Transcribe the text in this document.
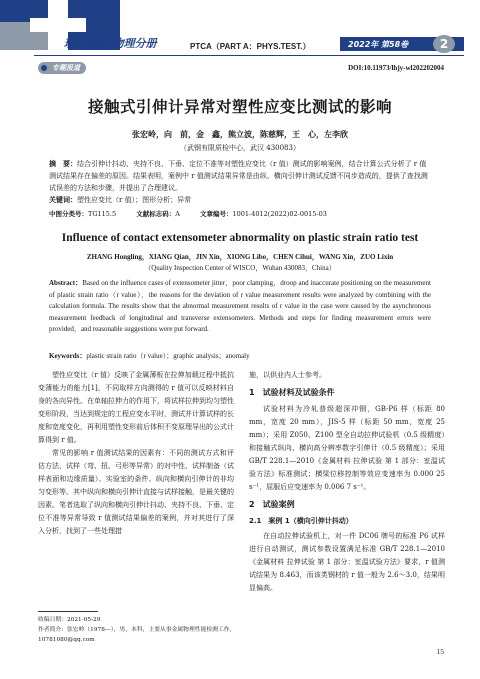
理化检验-物理分册	PTCA（PART A：PHYS.TEST.）	2022年 第58卷	2
专题报道	DOI:10.11973/lhjy-wl202202004
接触式引伸计异常对塑性应变比测试的影响
张宏岭，向　前，金　鑫，熊立波，陈慈辉，王　心，左李欣
（武钢有限质检中心，武汉 430083）
摘　要：结合引伸计抖动、夹持不良、下垂、定位不准等对塑性应变比（r 值）测试的影响案例，结合计算公式分析了 r 值测试结果存在偏差的原因。结果表明，案例中 r 值测试结果异常是由纵、横向引伸计测试反馈不同步造成的，提供了查找测试误差的方法和步骤，并提出了合理建议。
关键词：塑性应变比（r 值）；图形分析；异常
中图分类号：TG115.5	文献标志码：A	文章编号：1001-4012(2022)02-0015-03
Influence of contact extensometer abnormality on plastic strain ratio test
ZHANG Hongling，XIANG Qian，JIN Xin，XIONG Libo，CHEN Cihui，WANG Xin，ZUO Lixin
（Quality Inspection Center of WISCO，Wuhan 430083，China）
Abstract：Based on the influence cases of extensometer jitter，poor clamping，droop and inaccurate positioning on the measurement of plastic strain ratio（r value），the reasons for the deviation of r value measurement results were analyzed by combining with the calculation formula. The results show that the abnormal measurement results of r value in the case were caused by the asynchronous measurement feedback of longitudinal and transverse extensometers. Methods and steps for finding measurement errors were provided，and reasonable suggestions were put forward.
Keywords：plastic strain ratio（r value）；graphic analysis；anomaly

塑性应变比（r 值）反映了金属薄板在拉伸加载过程中抵抗变薄能力的能力[1]，不同取样方向测得的 r 值可以反映材料自身的各向异性。在单轴拉伸力的作用下，将试样拉伸到均匀塑性变形阶段，当达到规定的工程应变水平时，测试并计算试样的长度和宽度变化，再利用塑性变形前后体积不变原理导出的公式计算得到 r 值。

常见的影响 r 值测试结果的因素有：不同的测试方式和评估方法、试样（弯、扭、弓形等异常）的对中性、试样制备（试样表面和边缘质量）、实验室的条件、纵向和横向引伸计的非均匀变形等。其中纵向和横向引伸计直接与试样接触，是最关键的因素。笔者选取了纵向和横向引伸计抖动、夹持不良、下垂、定位不准等异常导致 r 值测试结果偏差的案例，并对其进行了深入分析，找到了一些处理措

施，以供业内人士参考。

1　试验材料及试验条件

试验材料为冷轧普级超深冲钢，GB-P6 样（标距 80 mm，宽度 20 mm），JIS-5 样（标距 50 mm，宽度 25 mm）；采用 Z050、Z100 型全自动拉伸试验机（0.5 级精度）和接触式纵向、横向高分辨率数字引伸计（0.5 级精度）；采用 GB/T 228.1—2010《金属材料 拉伸试验 第 1 部分：室温试验方法》标准测试；横梁位移控制等效应变速率为 0.000 25 s⁻¹，屈服后应变速率为 0.006 7 s⁻¹。

2　试验案例
2.1　案例 1（横向引伸计抖动）

在自动拉伸试验机上，对一件 DC06 牌号的标准 P6 试样进行自动测试，测试参数设置满足标准 GB/T 228.1—2010《金属材料 拉伸试验 第 1 部分：室温试验方法》要求，r 值测试结果为 8.463，而该类钢材的 r 值一般为 2.6～3.0，结果明显偏高。

收稿日期：2021-05-29
作者简介：张宏岭（1978—），男，本科，主要从事金属物理性能检测工作，10781080@qq.com
15
